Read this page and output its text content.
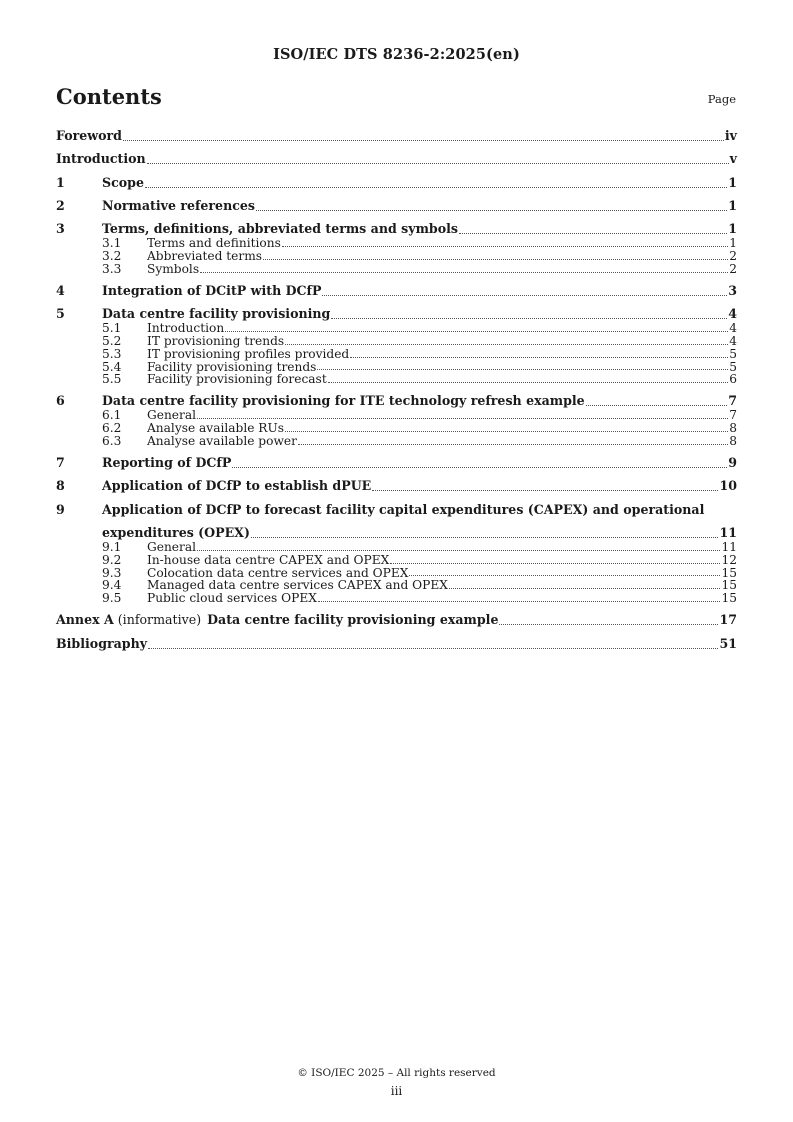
ISO/IEC DTS 8236-2:2025(en)
Contents	Page
Foreword	iv
Introduction	v
1	Scope	1
2	Normative references	1
3	Terms, definitions, abbreviated terms and symbols	1
3.1	Terms and definitions	1
3.2	Abbreviated terms	2
3.3	Symbols	2
4	Integration of DCitP with DCfP	3
5	Data centre facility provisioning	4
5.1	Introduction	4
5.2	IT provisioning trends	4
5.3	IT provisioning profiles provided	5
5.4	Facility provisioning trends	5
5.5	Facility provisioning forecast	6
6	Data centre facility provisioning for ITE technology refresh example	7
6.1	General	7
6.2	Analyse available RUs	8
6.3	Analyse available power	8
7	Reporting of DCfP	9
8	Application of DCfP to establish dPUE	10
9	Application of DCfP to forecast facility capital expenditures (CAPEX) and operational
expenditures (OPEX)	11
9.1	General	11
9.2	In-house data centre CAPEX and OPEX	12
9.3	Colocation data centre services and OPEX	15
9.4	Managed data centre services CAPEX and OPEX	15
9.5	Public cloud services OPEX	15
Annex A (informative) Data centre facility provisioning example	17
Bibliography	51
© ISO/IEC 2025 – All rights reserved
iii
